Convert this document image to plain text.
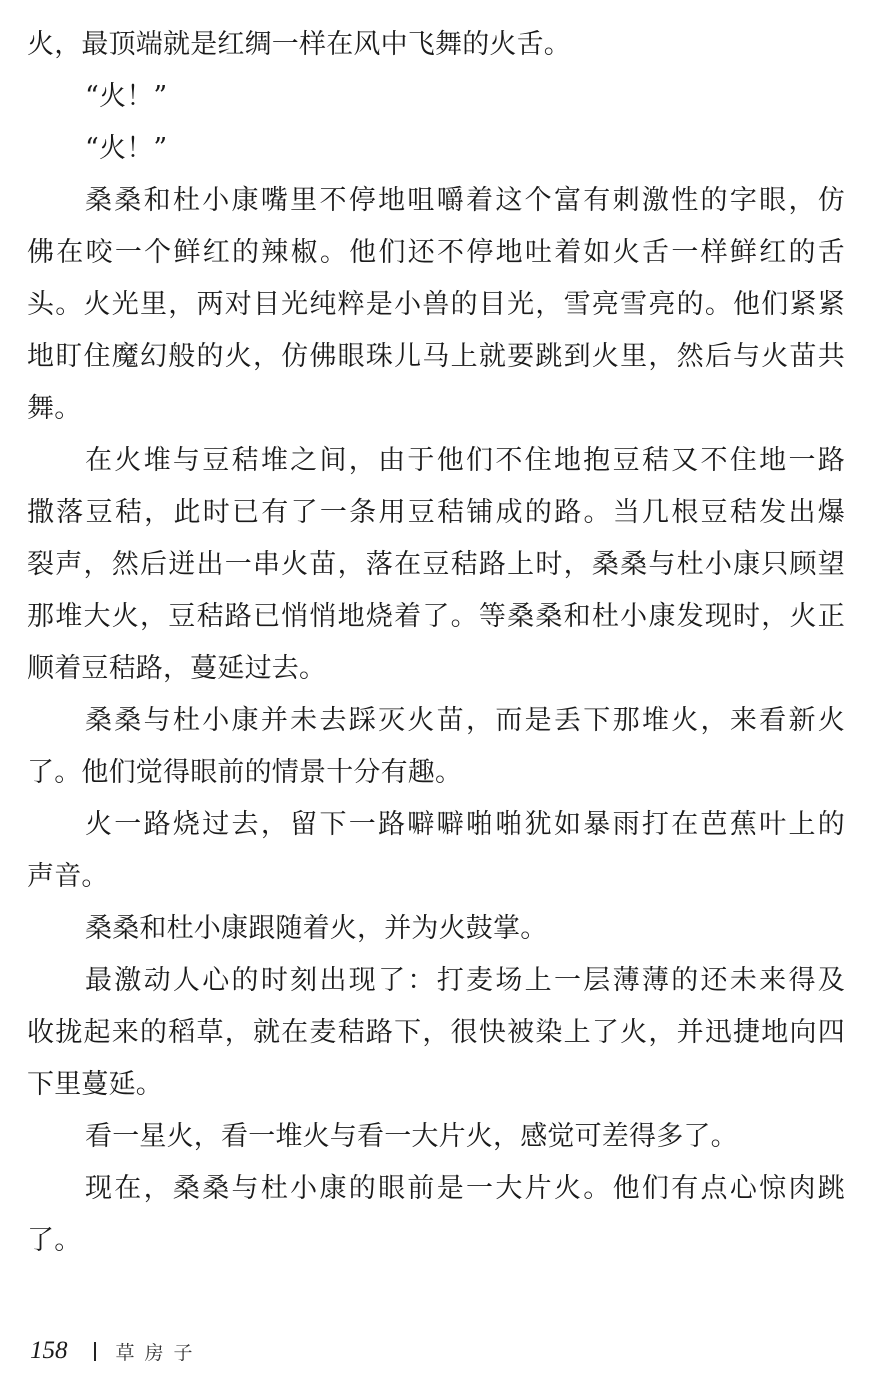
火，最顶端就是红绸一样在风中飞舞的火舌。
“火！”
“火！”
桑桑和杜小康嘴里不停地咀嚼着这个富有刺激性的字眼，仿
佛在咬一个鲜红的辣椒。他们还不停地吐着如火舌一样鲜红的舌
头。火光里，两对目光纯粹是小兽的目光，雪亮雪亮的。他们紧紧
地盯住魔幻般的火，仿佛眼珠儿马上就要跳到火里，然后与火苗共
舞。
在火堆与豆秸堆之间，由于他们不住地抱豆秸又不住地一路
撒落豆秸，此时已有了一条用豆秸铺成的路。当几根豆秸发出爆
裂声，然后迸出一串火苗，落在豆秸路上时，桑桑与杜小康只顾望
那堆大火，豆秸路已悄悄地烧着了。等桑桑和杜小康发现时，火正
顺着豆秸路，蔓延过去。
桑桑与杜小康并未去踩灭火苗，而是丢下那堆火，来看新火
了。他们觉得眼前的情景十分有趣。
火一路烧过去，留下一路噼噼啪啪犹如暴雨打在芭蕉叶上的
声音。
桑桑和杜小康跟随着火，并为火鼓掌。
最激动人心的时刻出现了：打麦场上一层薄薄的还未来得及
收拢起来的稻草，就在麦秸路下，很快被染上了火，并迅捷地向四
下里蔓延。
看一星火，看一堆火与看一大片火，感觉可差得多了。
现在，桑桑与杜小康的眼前是一大片火。他们有点心惊肉跳
了。
158	草房子
